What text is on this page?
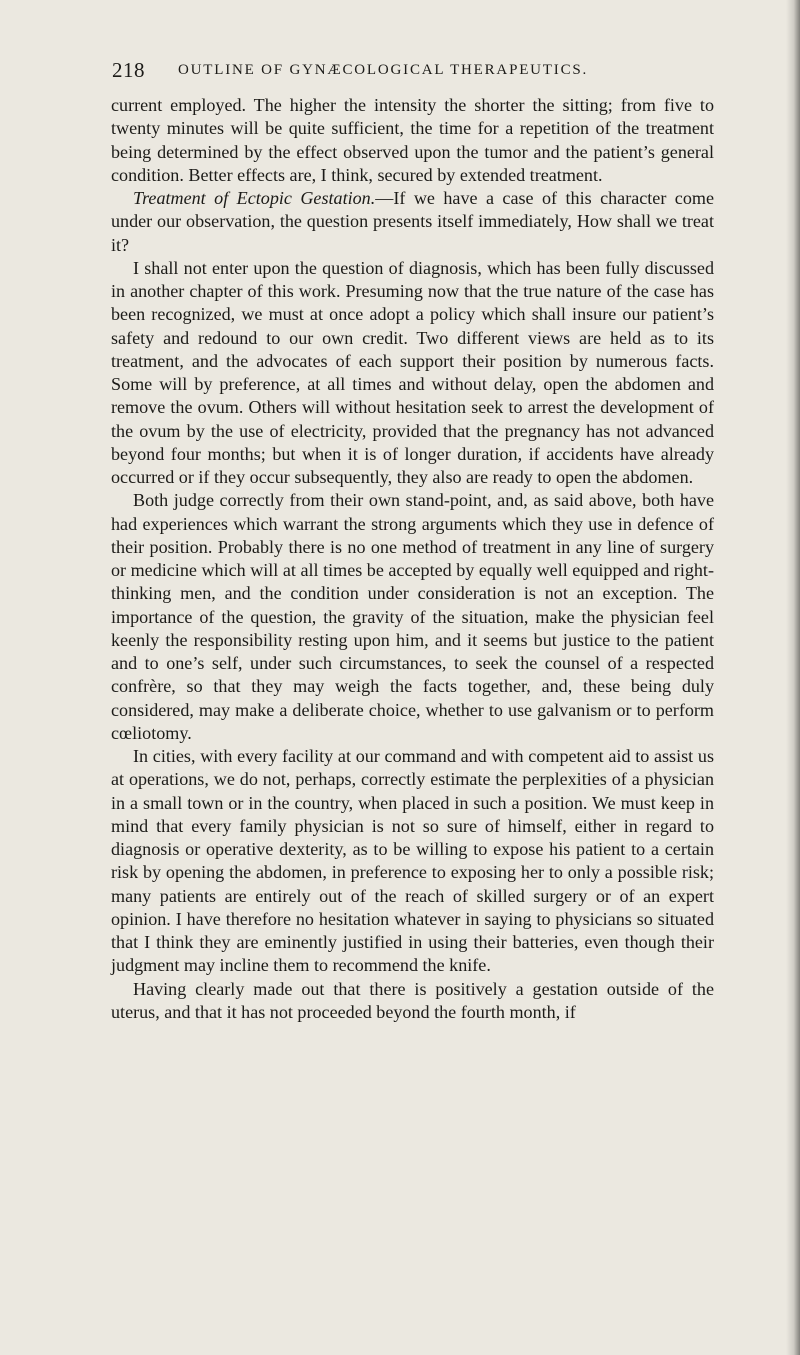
218 OUTLINE OF GYNÆCOLOGICAL THERAPEUTICS.

current employed. The higher the intensity the shorter the sitting; from five to twenty minutes will be quite sufficient, the time for a repetition of the treatment being determined by the effect observed upon the tumor and the patient’s general condition. Better effects are, I think, secured by extended treatment.

Treatment of Ectopic Gestation.—If we have a case of this character come under our observation, the question presents itself immediately, How shall we treat it?

I shall not enter upon the question of diagnosis, which has been fully discussed in another chapter of this work. Presuming now that the true nature of the case has been recognized, we must at once adopt a policy which shall insure our patient’s safety and redound to our own credit. Two different views are held as to its treatment, and the advocates of each support their position by numerous facts. Some will by preference, at all times and without delay, open the abdomen and remove the ovum. Others will without hesitation seek to arrest the development of the ovum by the use of electricity, provided that the pregnancy has not advanced beyond four months; but when it is of longer duration, if accidents have already occurred or if they occur subsequently, they also are ready to open the abdomen.

Both judge correctly from their own stand-point, and, as said above, both have had experiences which warrant the strong arguments which they use in defence of their position. Probably there is no one method of treatment in any line of surgery or medicine which will at all times be accepted by equally well equipped and right-thinking men, and the condition under consideration is not an exception. The importance of the question, the gravity of the situation, make the physician feel keenly the responsibility resting upon him, and it seems but justice to the patient and to one’s self, under such circumstances, to seek the counsel of a respected confrère, so that they may weigh the facts together, and, these being duly considered, may make a deliberate choice, whether to use galvanism or to perform cœliotomy.

In cities, with every facility at our command and with competent aid to assist us at operations, we do not, perhaps, correctly estimate the perplexities of a physician in a small town or in the country, when placed in such a position. We must keep in mind that every family physician is not so sure of himself, either in regard to diagnosis or operative dexterity, as to be willing to expose his patient to a certain risk by opening the abdomen, in preference to exposing her to only a possible risk; many patients are entirely out of the reach of skilled surgery or of an expert opinion. I have therefore no hesitation whatever in saying to physicians so situated that I think they are eminently justified in using their batteries, even though their judgment may incline them to recommend the knife.

Having clearly made out that there is positively a gestation outside of the uterus, and that it has not proceeded beyond the fourth month, if
